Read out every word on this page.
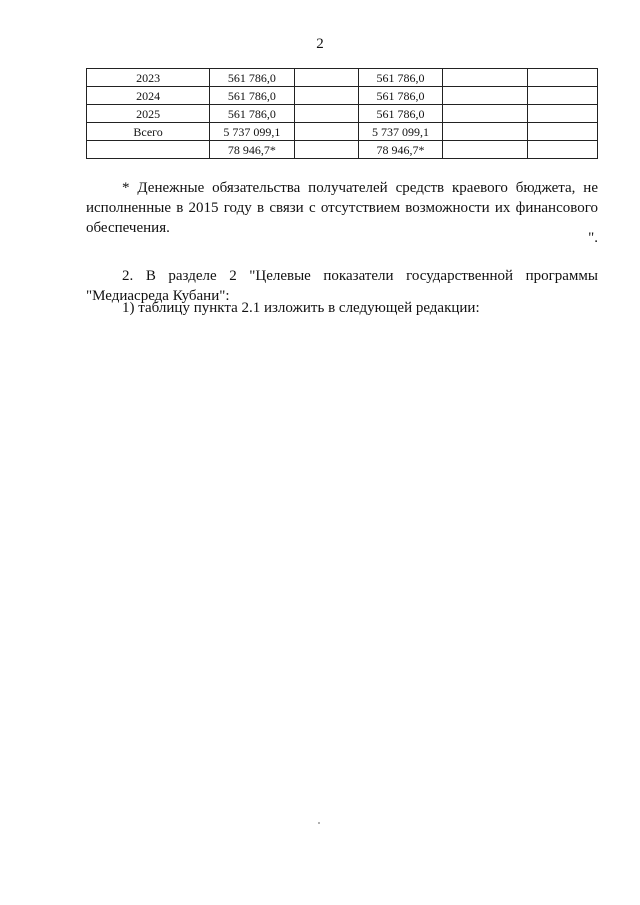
2
2023	561 786,0		561 786,0		
2024	561 786,0		561 786,0		
2025	561 786,0		561 786,0		
Всего	5 737 099,1		5 737 099,1		
	78 946,7*		78 946,7*		
* Денежные обязательства получателей средств краевого бюджета, не исполненные в 2015 году в связи с отсутствием возможности их финансового обеспечения.
".
2. В разделе 2 "Целевые показатели государственной программы "Медиасреда Кубани":
1) таблицу пункта 2.1 изложить в следующей редакции:
